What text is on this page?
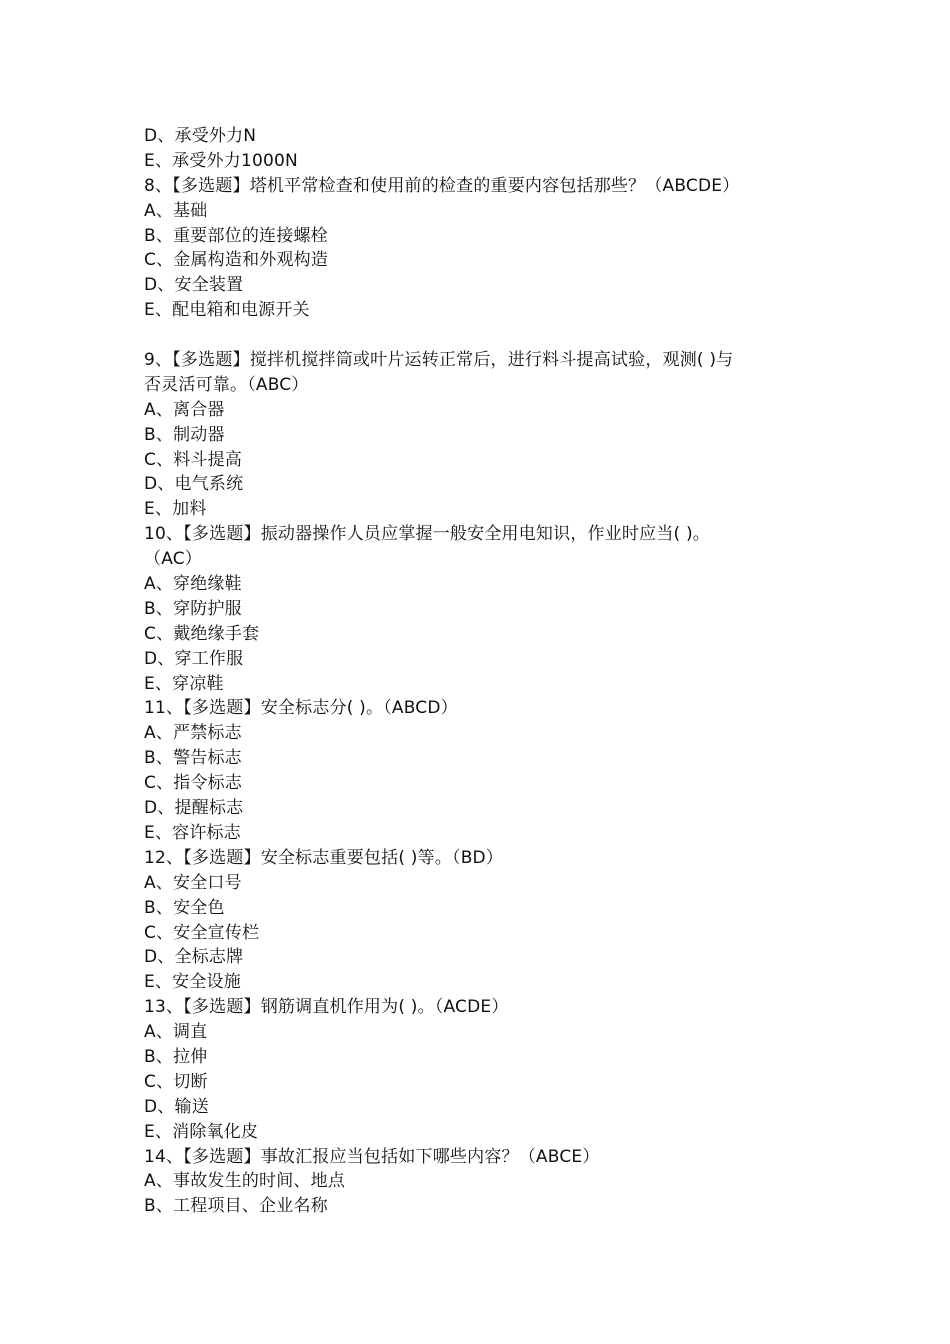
D、承受外力N
E、承受外力1000N
8、【多选题】塔机平常检查和使用前的检查的重要内容包括那些？（ABCDE）
A、基础
B、重要部位的连接螺栓
C、金属构造和外观构造
D、安全装置
E、配电箱和电源开关
9、【多选题】搅拌机搅拌筒或叶片运转正常后，进行料斗提高试验，观测( )与
否灵活可靠。（ABC）
A、离合器
B、制动器
C、料斗提高
D、电气系统
E、加料
10、【多选题】振动器操作人员应掌握一般安全用电知识，作业时应当( )。
（AC）
A、穿绝缘鞋
B、穿防护服
C、戴绝缘手套
D、穿工作服
E、穿凉鞋
11、【多选题】安全标志分( )。（ABCD）
A、严禁标志
B、警告标志
C、指令标志
D、提醒标志
E、容许标志
12、【多选题】安全标志重要包括( )等。（BD）
A、安全口号
B、安全色
C、安全宣传栏
D、全标志牌
E、安全设施
13、【多选题】钢筋调直机作用为( )。（ACDE）
A、调直
B、拉伸
C、切断
D、输送
E、消除氧化皮
14、【多选题】事故汇报应当包括如下哪些内容？（ABCE）
A、事故发生的时间、地点
B、工程项目、企业名称
